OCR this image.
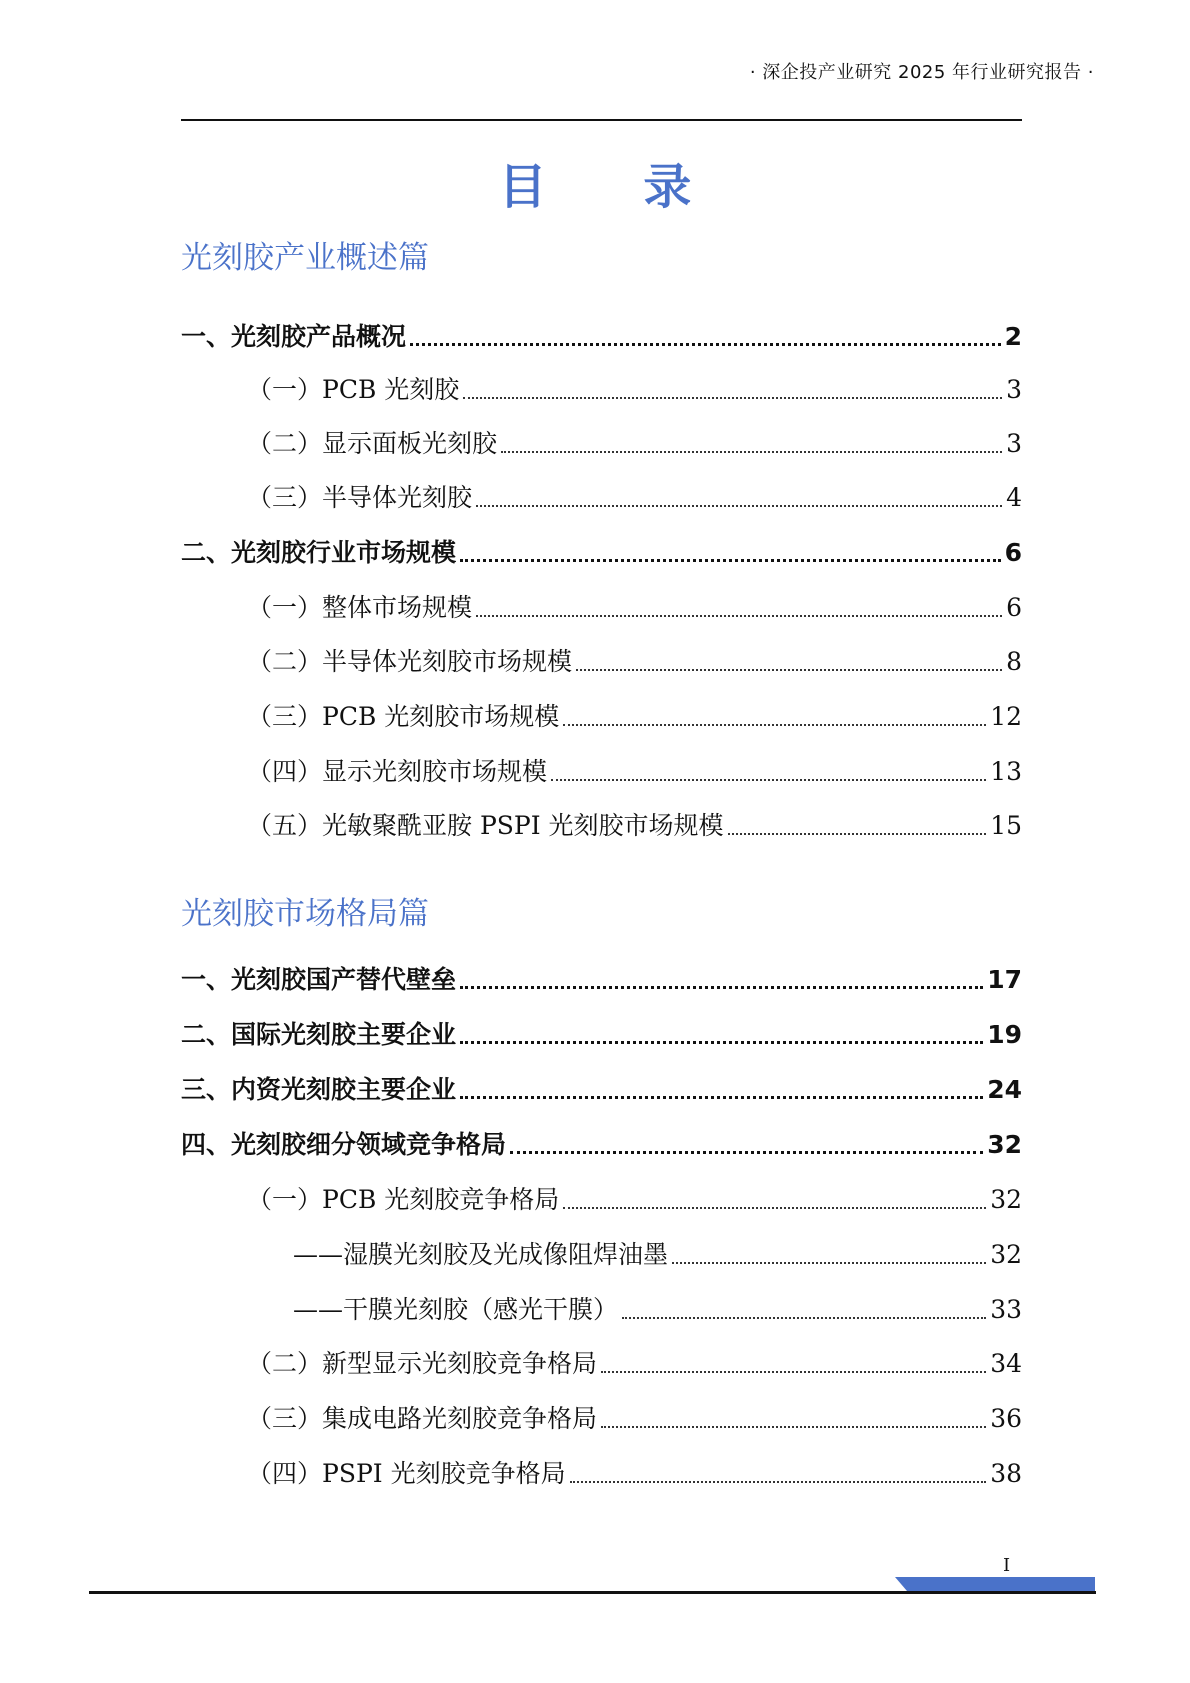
· 深企投产业研究 2025 年行业研究报告 ·
目 录
光刻胶产业概述篇
一、光刻胶产品概况	2
（一）PCB 光刻胶	3
（二）显示面板光刻胶	3
（三）半导体光刻胶	4
二、光刻胶行业市场规模	6
（一）整体市场规模	6
（二）半导体光刻胶市场规模	8
（三）PCB 光刻胶市场规模	12
（四）显示光刻胶市场规模	13
（五）光敏聚酰亚胺 PSPI 光刻胶市场规模	15
光刻胶市场格局篇
一、光刻胶国产替代壁垒	17
二、国际光刻胶主要企业	19
三、内资光刻胶主要企业	24
四、光刻胶细分领域竞争格局	32
（一）PCB 光刻胶竞争格局	32
——湿膜光刻胶及光成像阻焊油墨	32
——干膜光刻胶（感光干膜）	33
（二）新型显示光刻胶竞争格局	34
（三）集成电路光刻胶竞争格局	36
（四）PSPI 光刻胶竞争格局	38
I
